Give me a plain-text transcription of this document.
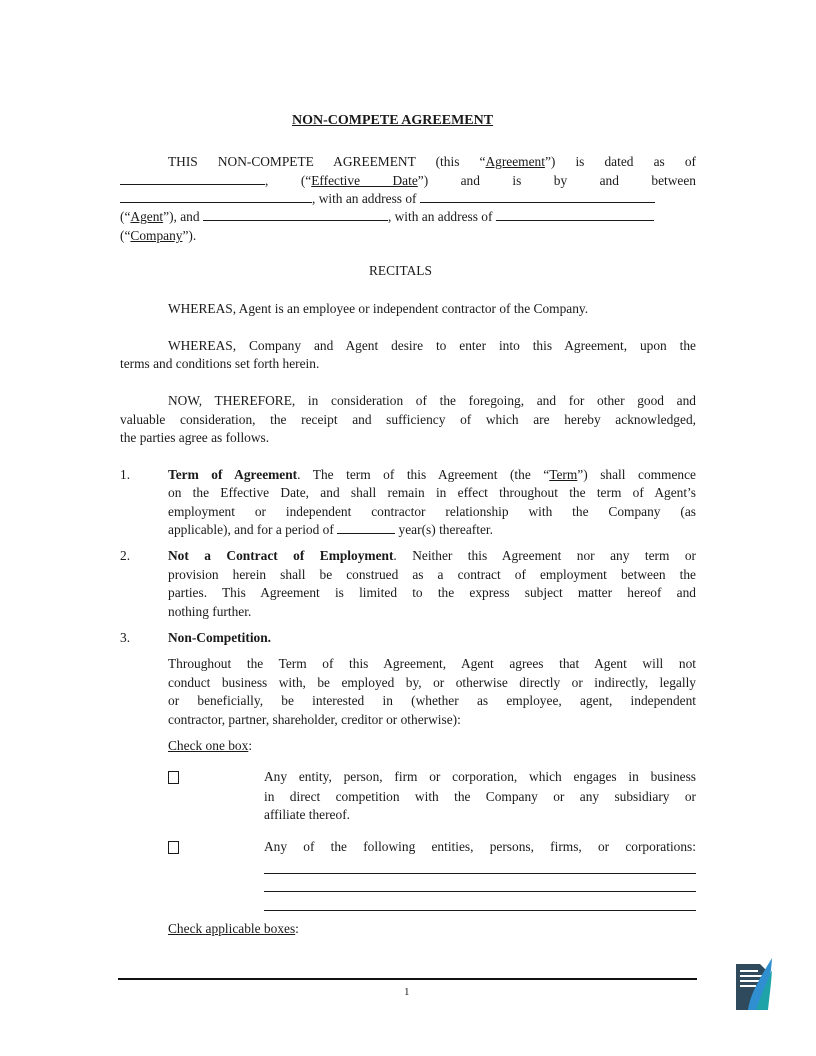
NON-COMPETE AGREEMENT
THIS NON-COMPETE AGREEMENT (this “Agreement”) is dated as of
, (“Effective Date”) and is by and between
, with an address of
(“Agent”), and	, with an address of
(“Company”).
RECITALS
WHEREAS, Agent is an employee or independent contractor of the Company.
WHEREAS, Company and Agent desire to enter into this Agreement, upon the
terms and conditions set forth herein.
NOW, THEREFORE, in consideration of the foregoing, and for other good and
valuable consideration, the receipt and sufficiency of which are hereby acknowledged,
the parties agree as follows.
1.	Term of Agreement. The term of this Agreement (the “Term”) shall commence
on the Effective Date, and shall remain in effect throughout the term of Agent’s
employment or independent contractor relationship with the Company (as
applicable), and for a period of	year(s) thereafter.
2.	Not a Contract of Employment. Neither this Agreement nor any term or
provision herein shall be construed as a contract of employment between the
parties. This Agreement is limited to the express subject matter hereof and
nothing further.
3.	Non-Competition.
Throughout the Term of this Agreement, Agent agrees that Agent will not
conduct business with, be employed by, or otherwise directly or indirectly, legally
or beneficially, be interested in (whether as employee, agent, independent
contractor, partner, shareholder, creditor or otherwise):
Check one box:
Any entity, person, firm or corporation, which engages in business
in direct competition with the Company or any subsidiary or
affiliate thereof.
Any of the following entities, persons, firms, or corporations:
Check applicable boxes:
1
